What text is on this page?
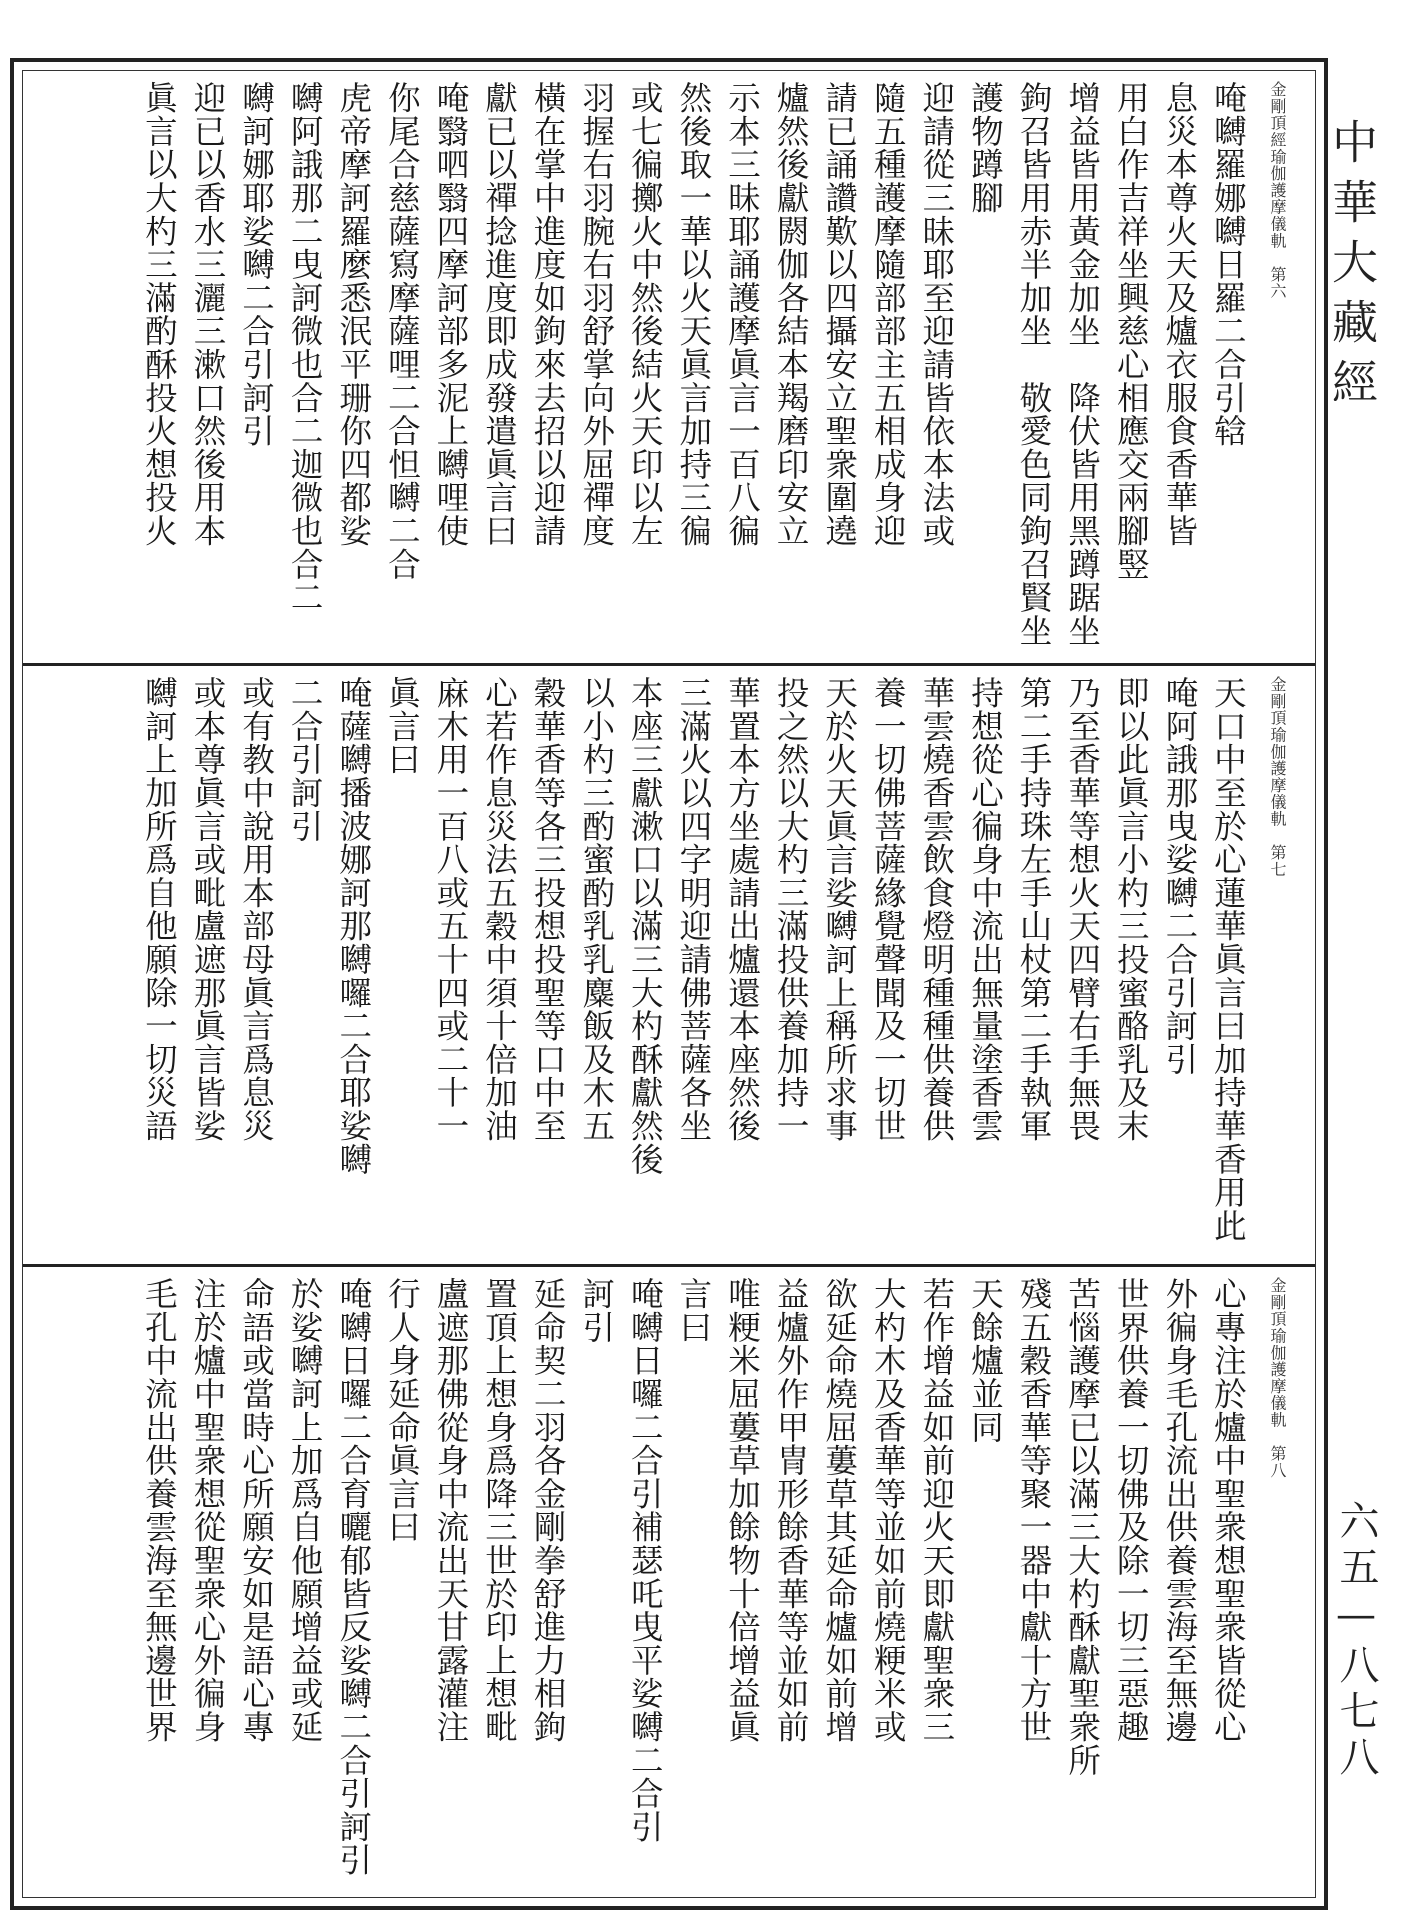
金剛頂經瑜伽護摩儀軌　第六
唵嚩羅娜嚩日羅二合引𤚥
息災本尊火天及爐衣服食香華皆
用白作吉祥坐興慈心相應交兩腳竪
增益皆用黃金加坐　降伏皆用黑蹲踞坐
鉤召皆用赤半加坐　敬愛色同鉤召賢坐
護物蹲腳
迎請從三昧耶至迎請皆依本法或
隨五種護摩隨部部主五相成身迎
請已誦讚歎以四攝安立聖衆圍遶
爐然後獻閼伽各結本羯磨印安立
示本三昧耶誦護摩眞言一百八徧
然後取一華以火天眞言加持三徧
或七徧擲火中然後結火天印以左
羽握右羽腕右羽舒掌向外屈禪度
橫在掌中進度如鉤來去招以迎請
獻已以禪捻進度即成發遣眞言曰
唵翳呬翳四摩訶部多泥上嚩哩使
你尾合慈薩寫摩薩哩二合怛嚩二合
虎帝摩訶羅麼悉泯平珊你四都娑
嚩阿誐那二曳訶微也合二迦微也合二
嚩訶娜耶娑嚩二合引訶引
迎已以香水三灑三漱口然後用本
眞言以大杓三滿酌酥投火想投火
金剛頂瑜伽護摩儀軌　第七
天口中至於心蓮華眞言曰加持華香用此
唵阿誐那曳娑嚩二合引訶引
即以此眞言小杓三投蜜酪乳及末
乃至香華等想火天四臂右手無畏
第二手持珠左手山杖第二手執軍
持想從心徧身中流出無量塗香雲
華雲燒香雲飲食燈明種種供養供
養一切佛菩薩緣覺聲聞及一切世
天於火天眞言娑嚩訶上稱所求事
投之然以大杓三滿投供養加持一
華置本方坐處請出爐還本座然後
三滿火以四字明迎請佛菩薩各坐
本座三獻漱口以滿三大杓酥獻然後
以小杓三酌蜜酌乳乳麋飯及木五
穀華香等各三投想投聖等口中至
心若作息災法五穀中須十倍加油
麻木用一百八或五十四或二十一
眞言曰
唵薩嚩播波娜訶那嚩囉二合耶娑嚩
二合引訶引
或有教中說用本部母眞言爲息災
或本尊眞言或毗盧遮那眞言皆娑
嚩訶上加所爲自他願除一切災語
金剛頂瑜伽護摩儀軌　第八
心專注於爐中聖衆想聖衆皆從心
外徧身毛孔流出供養雲海至無邊
世界供養一切佛及除一切三惡趣
苦惱護摩已以滿三大杓酥獻聖衆所
殘五穀香華等聚一器中獻十方世
天餘爐並同
若作增益如前迎火天即獻聖衆三
大杓木及香華等並如前燒粳米或
欲延命燒屈蔞草其延命爐如前增
益爐外作甲冑形餘香華等並如前
唯粳米屈蔞草加餘物十倍增益眞
言曰
唵嚩日囉二合引補瑟吒曳平娑嚩二合引
訶引
延命契二羽各金剛拳舒進力相鉤
置頂上想身爲降三世於印上想毗
盧遮那佛從身中流出天甘露灌注
行人身延命眞言曰
唵嚩日囉二合育曬郁皆反娑嚩二合引訶引
於娑嚩訶上加爲自他願增益或延
命語或當時心所願安如是語心專
注於爐中聖衆想從聖衆心外徧身
毛孔中流出供養雲海至無邊世界
中華大藏經
六五—八七八
